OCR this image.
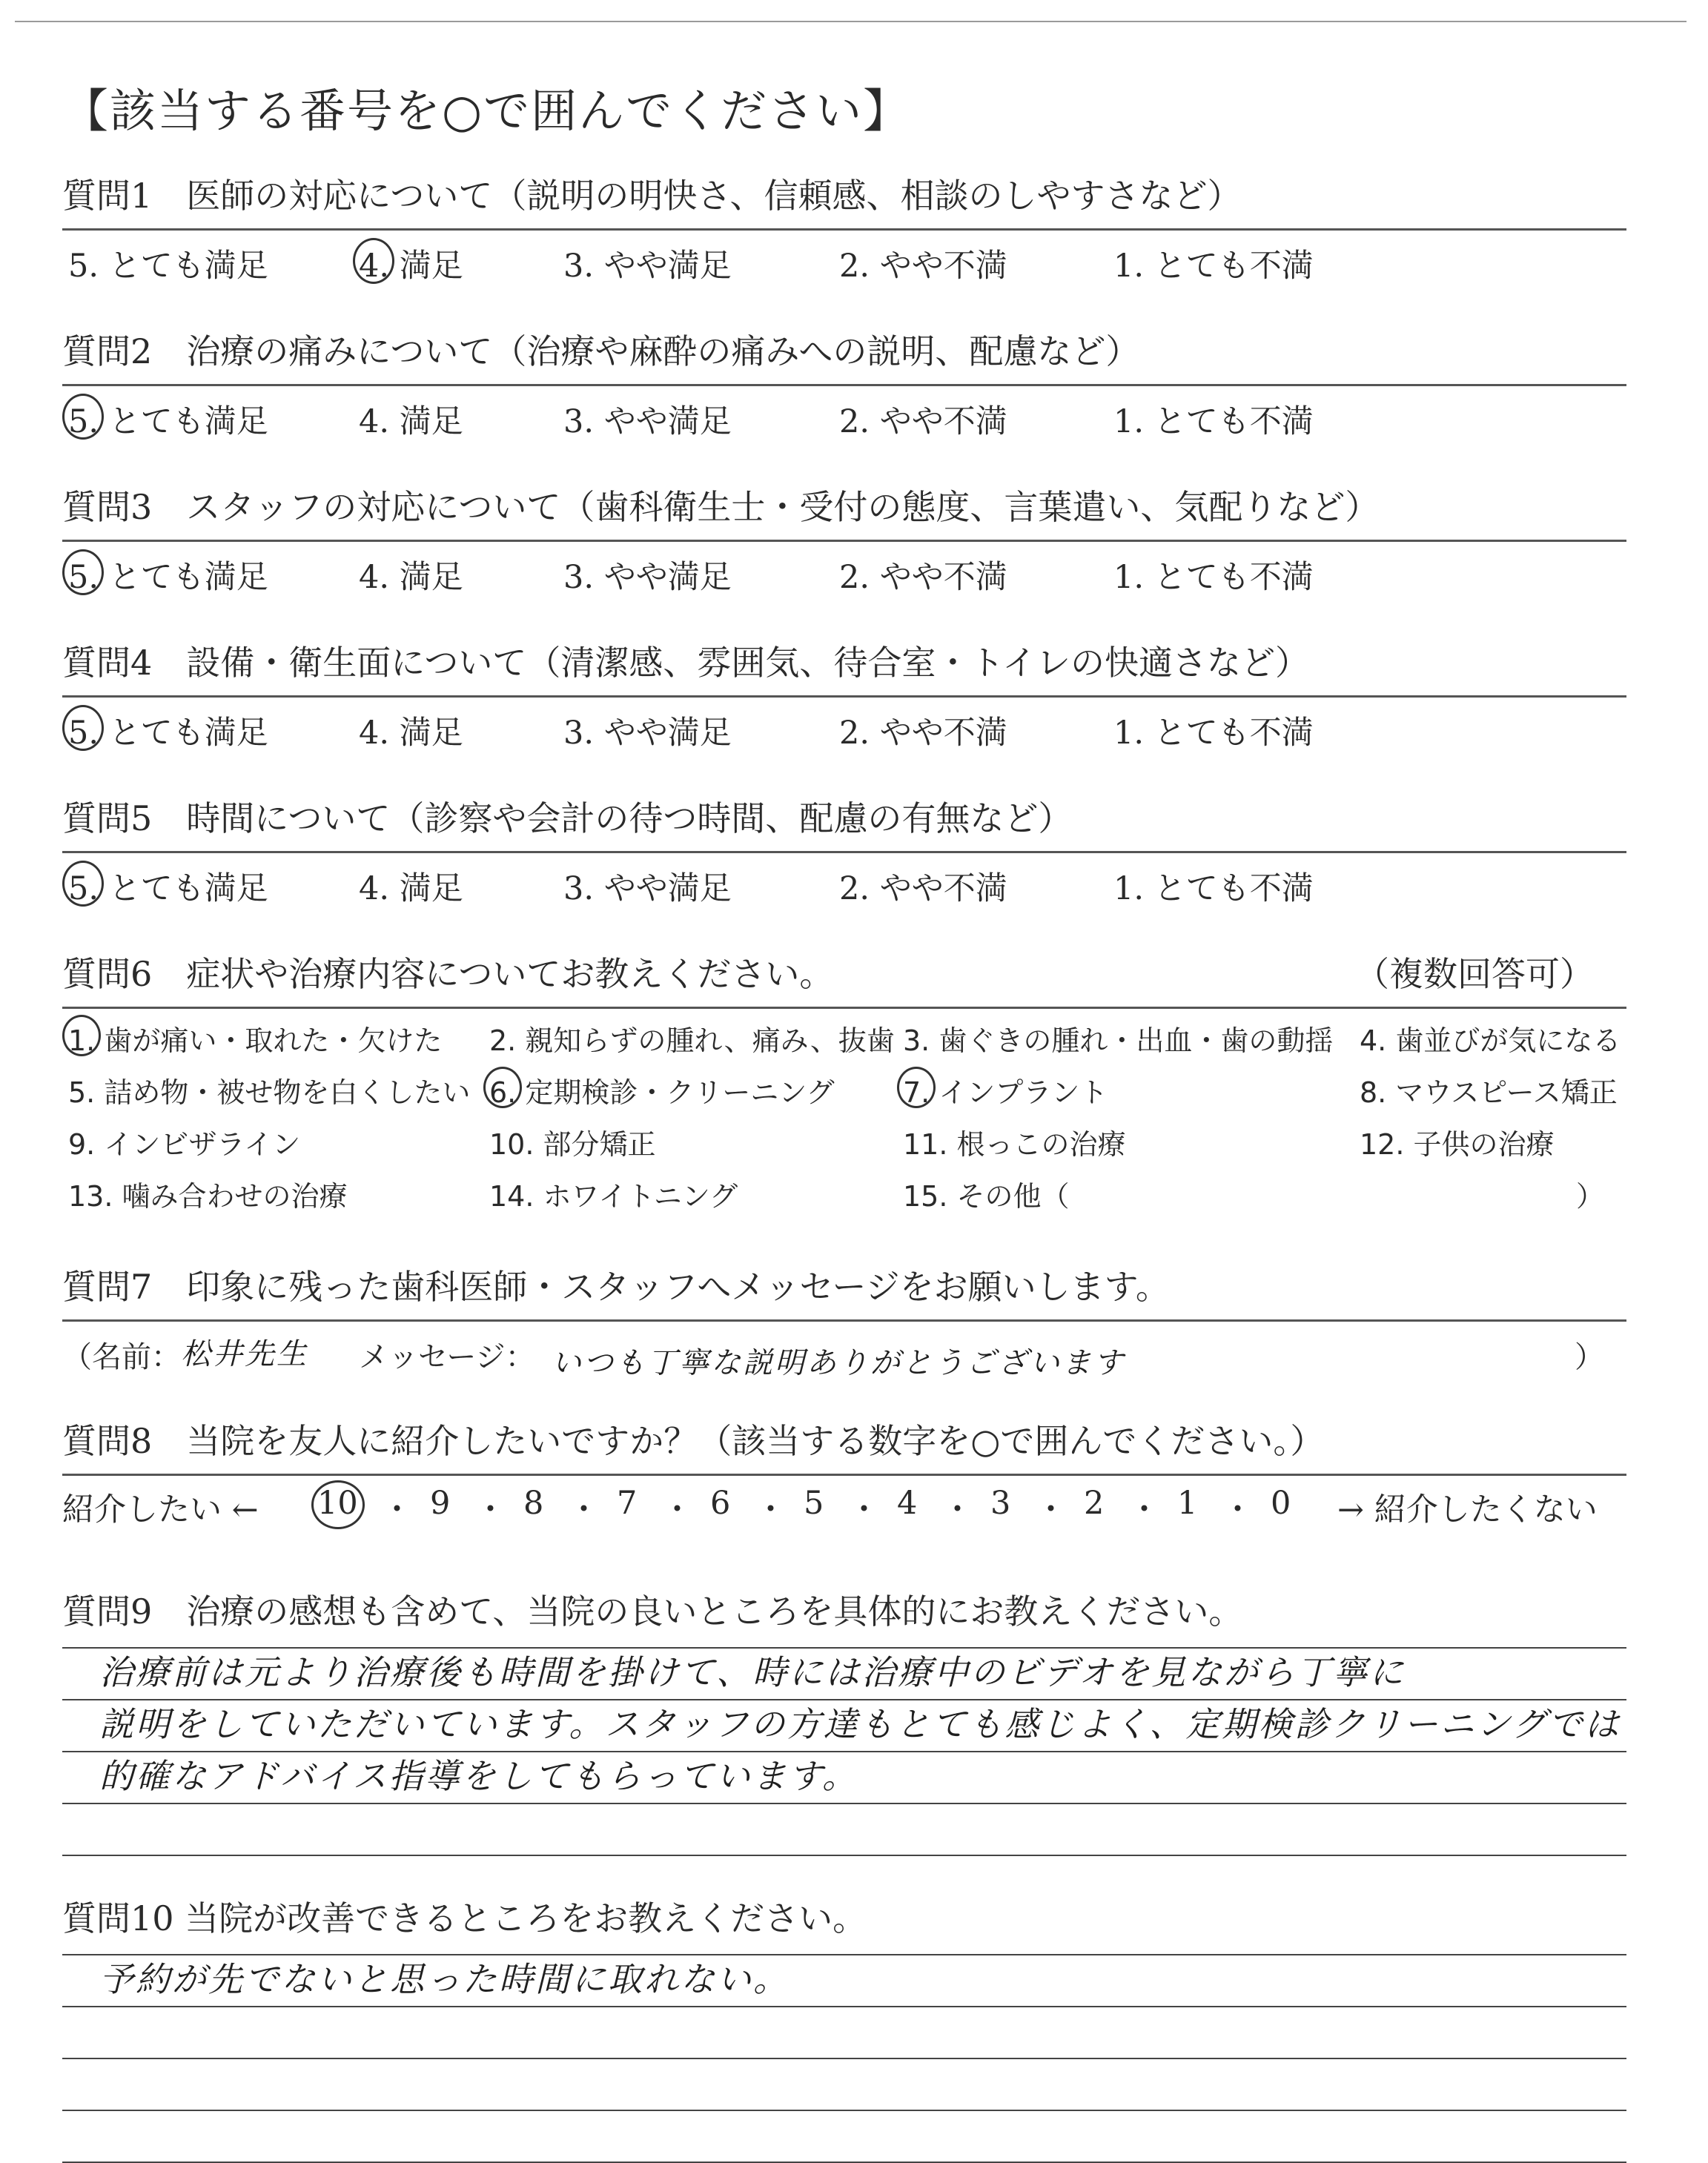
【該当する番号を○で囲んでください】
質問1　医師の対応について（説明の明快さ、信頼感、相談のしやすさなど）
5. とても満足	4. 満足	3. やや満足	2. やや不満	1. とても不満
質問2　治療の痛みについて（治療や麻酔の痛みへの説明、配慮など）
5. とても満足	4. 満足	3. やや満足	2. やや不満	1. とても不満
質問3　スタッフの対応について（歯科衛生士・受付の態度、言葉遣い、気配りなど）
5. とても満足	4. 満足	3. やや満足	2. やや不満	1. とても不満
質問4　設備・衛生面について（清潔感、雰囲気、待合室・トイレの快適さなど）
5. とても満足	4. 満足	3. やや満足	2. やや不満	1. とても不満
質問5　時間について（診察や会計の待つ時間、配慮の有無など）
5. とても満足	4. 満足	3. やや満足	2. やや不満	1. とても不満
質問6　症状や治療内容についてお教えください。	（複数回答可）
1. 歯が痛い・取れた・欠けた 2. 親知らずの腫れ、痛み、抜歯 3. 歯ぐきの腫れ・出血・歯の動揺 4. 歯並びが気になる
5. 詰め物・被せ物を白くしたい 6. 定期検診・クリーニング 7. インプラント	8. マウスピース矯正
9. インビザライン	10. 部分矯正	11. 根っこの治療	12. 子供の治療
13. 噛み合わせの治療	14. ホワイトニング	15. その他（	）
質問7　印象に残った歯科医師・スタッフへメッセージをお願いします。
（名前： 松井先生 メッセージ： いつも丁寧な説明ありがとうございます	）
質問8　当院を友人に紹介したいですか？（該当する数字を○で囲んでください。）
紹介したい ← 10 ・ 9 ・ 8 ・ 7 ・ 6 ・ 5 ・ 4 ・ 3 ・ 2 ・ 1 ・ 0 → 紹介したくない
質問9　治療の感想も含めて、当院の良いところを具体的にお教えください。
治療前は元より治療後も時間を掛けて、時には治療中のビデオを見ながら丁寧に
説明をしていただいています。スタッフの方達もとても感じよく、定期検診クリーニングでは
的確なアドバイス指導をしてもらっています。
質問10 当院が改善できるところをお教えください。
予約が先でないと思った時間に取れない。
